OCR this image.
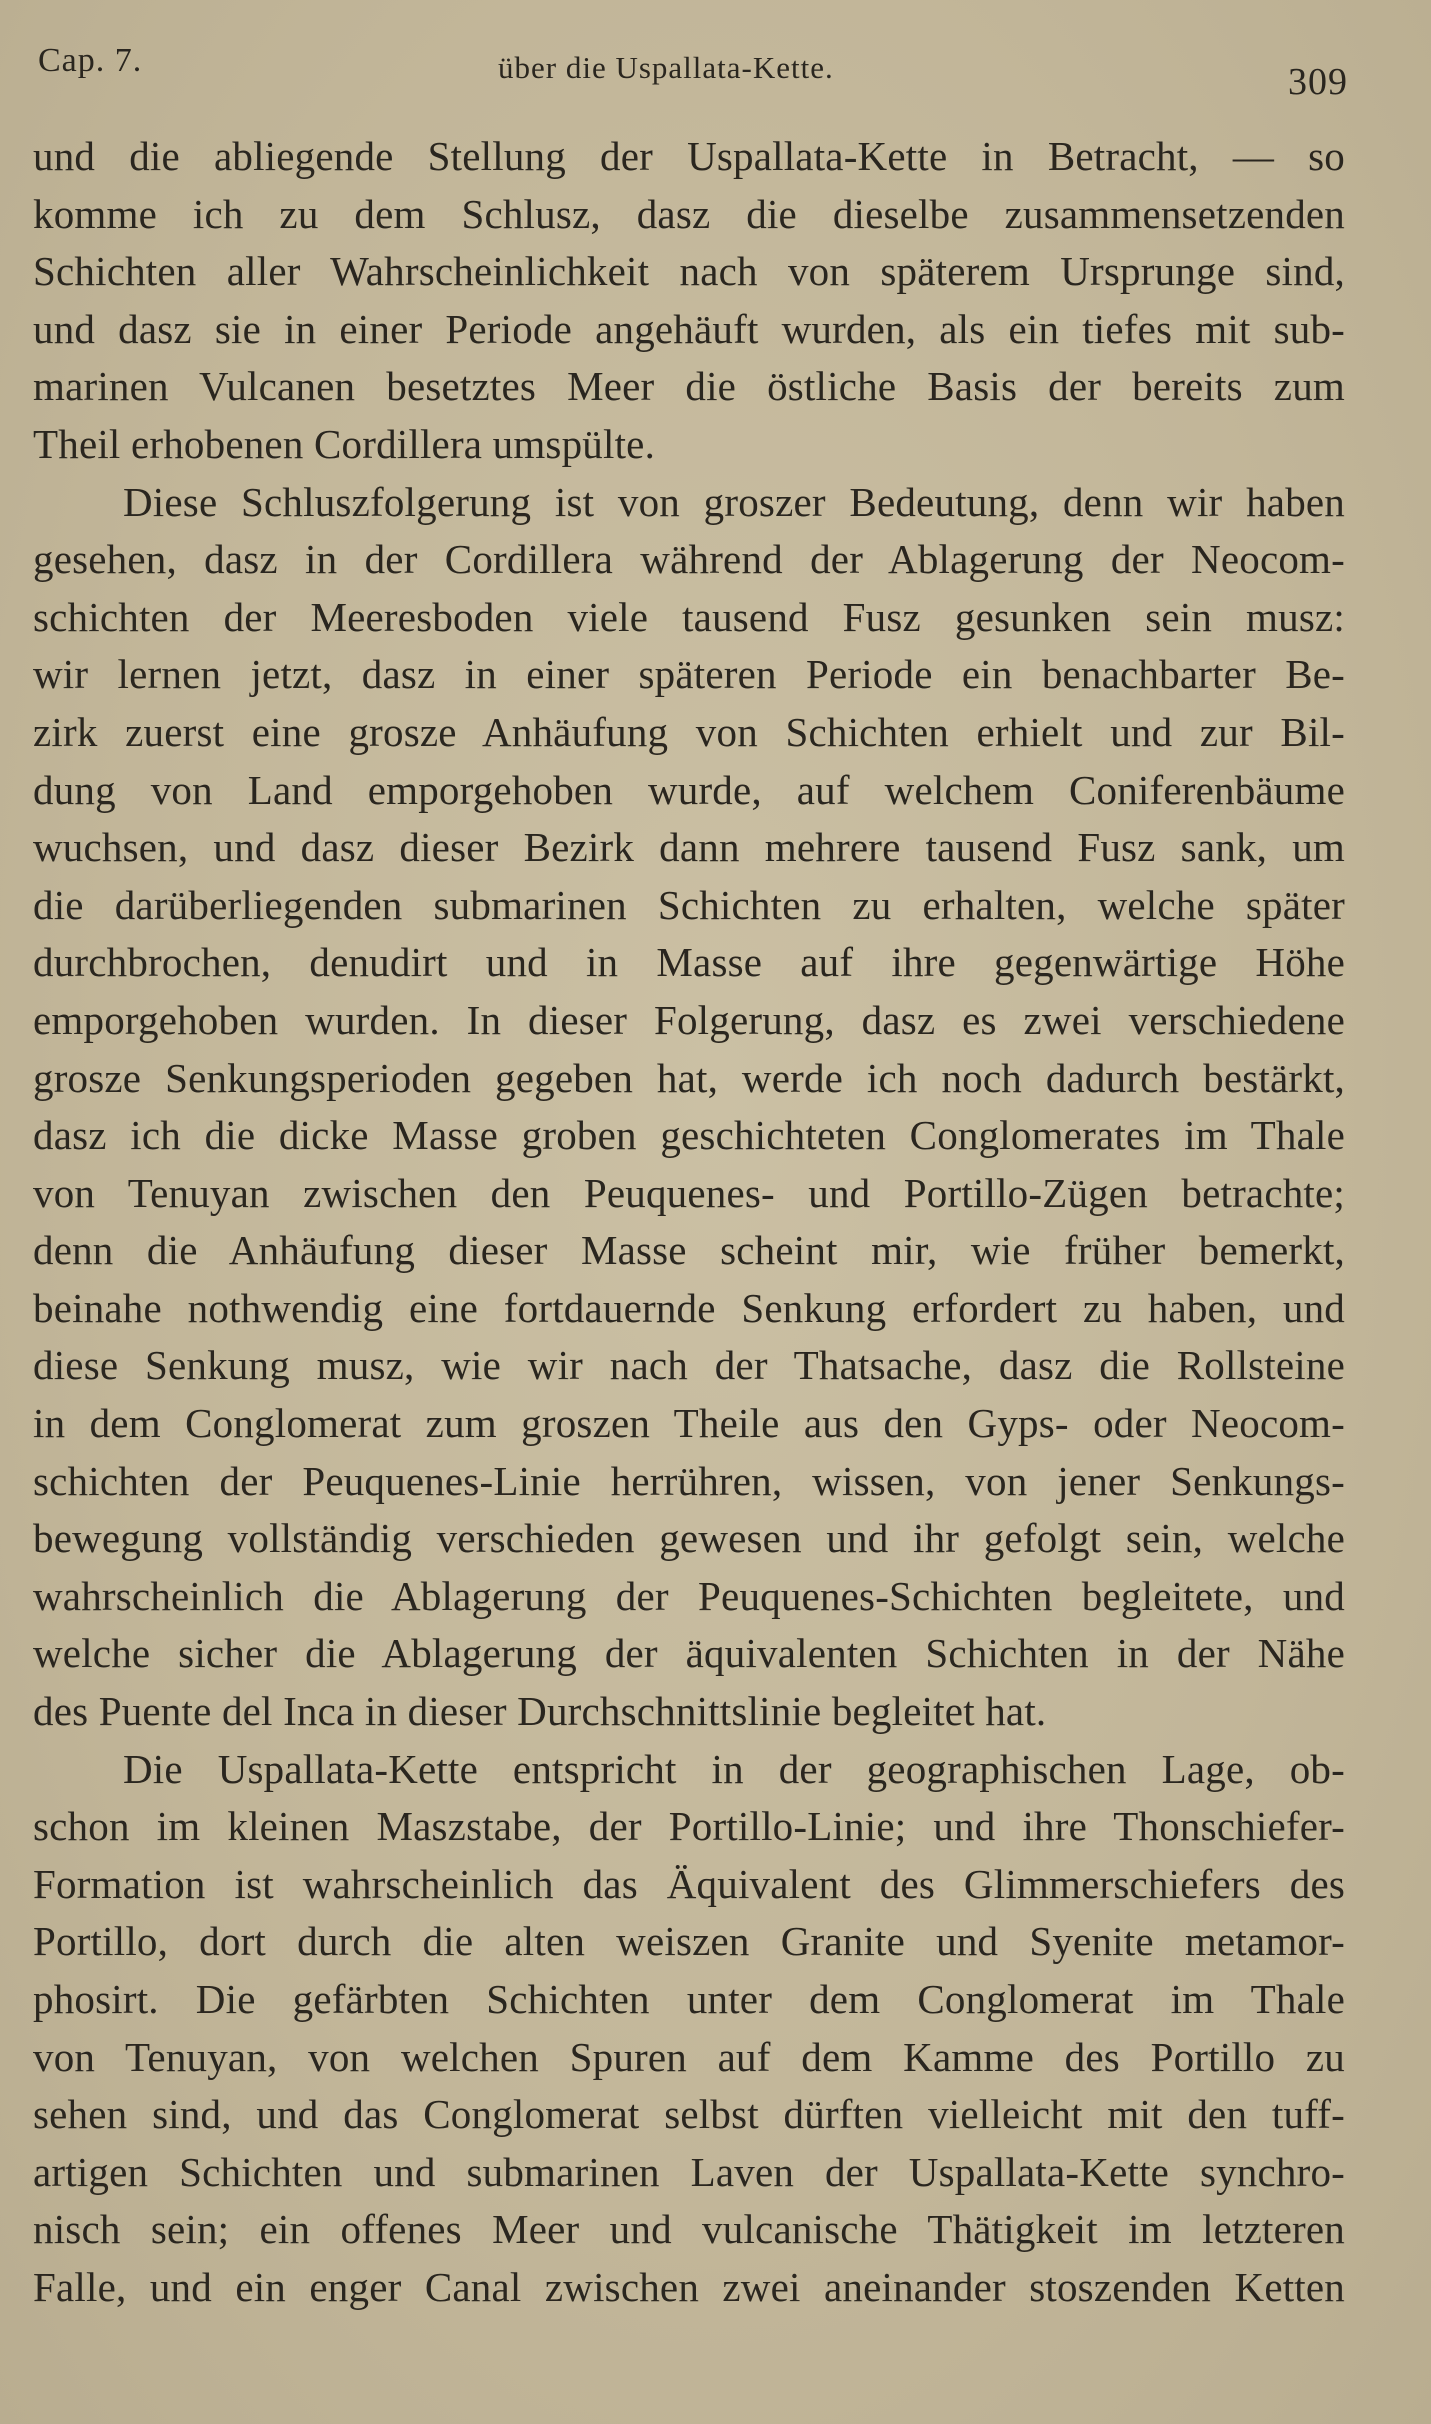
Cap. 7.	über die Uspallata-Kette.	309
und die abliegende Stellung der Uspallata-Kette in Betracht, — so
komme ich zu dem Schlusz, dasz die dieselbe zusammensetzenden
Schichten aller Wahrscheinlichkeit nach von späterem Ursprunge sind,
und dasz sie in einer Periode angehäuft wurden, als ein tiefes mit sub-
marinen Vulcanen besetztes Meer die östliche Basis der bereits zum
Theil erhobenen Cordillera umspülte.
Diese Schluszfolgerung ist von groszer Bedeutung, denn wir haben
gesehen, dasz in der Cordillera während der Ablagerung der Neocom-
schichten der Meeresboden viele tausend Fusz gesunken sein musz:
wir lernen jetzt, dasz in einer späteren Periode ein benachbarter Be-
zirk zuerst eine grosze Anhäufung von Schichten erhielt und zur Bil-
dung von Land emporgehoben wurde, auf welchem Coniferenbäume
wuchsen, und dasz dieser Bezirk dann mehrere tausend Fusz sank, um
die darüberliegenden submarinen Schichten zu erhalten, welche später
durchbrochen, denudirt und in Masse auf ihre gegenwärtige Höhe
emporgehoben wurden. In dieser Folgerung, dasz es zwei verschiedene
grosze Senkungsperioden gegeben hat, werde ich noch dadurch bestärkt,
dasz ich die dicke Masse groben geschichteten Conglomerates im Thale
von Tenuyan zwischen den Peuquenes- und Portillo-Zügen betrachte;
denn die Anhäufung dieser Masse scheint mir, wie früher bemerkt,
beinahe nothwendig eine fortdauernde Senkung erfordert zu haben, und
diese Senkung musz, wie wir nach der Thatsache, dasz die Rollsteine
in dem Conglomerat zum groszen Theile aus den Gyps- oder Neocom-
schichten der Peuquenes-Linie herrühren, wissen, von jener Senkungs-
bewegung vollständig verschieden gewesen und ihr gefolgt sein, welche
wahrscheinlich die Ablagerung der Peuquenes-Schichten begleitete, und
welche sicher die Ablagerung der äquivalenten Schichten in der Nähe
des Puente del Inca in dieser Durchschnittslinie begleitet hat.
Die Uspallata-Kette entspricht in der geographischen Lage, ob-
schon im kleinen Maszstabe, der Portillo-Linie; und ihre Thonschiefer-
Formation ist wahrscheinlich das Äquivalent des Glimmerschiefers des
Portillo, dort durch die alten weiszen Granite und Syenite metamor-
phosirt. Die gefärbten Schichten unter dem Conglomerat im Thale
von Tenuyan, von welchen Spuren auf dem Kamme des Portillo zu
sehen sind, und das Conglomerat selbst dürften vielleicht mit den tuff-
artigen Schichten und submarinen Laven der Uspallata-Kette synchro-
nisch sein; ein offenes Meer und vulcanische Thätigkeit im letzteren
Falle, und ein enger Canal zwischen zwei aneinander stoszenden Ketten
